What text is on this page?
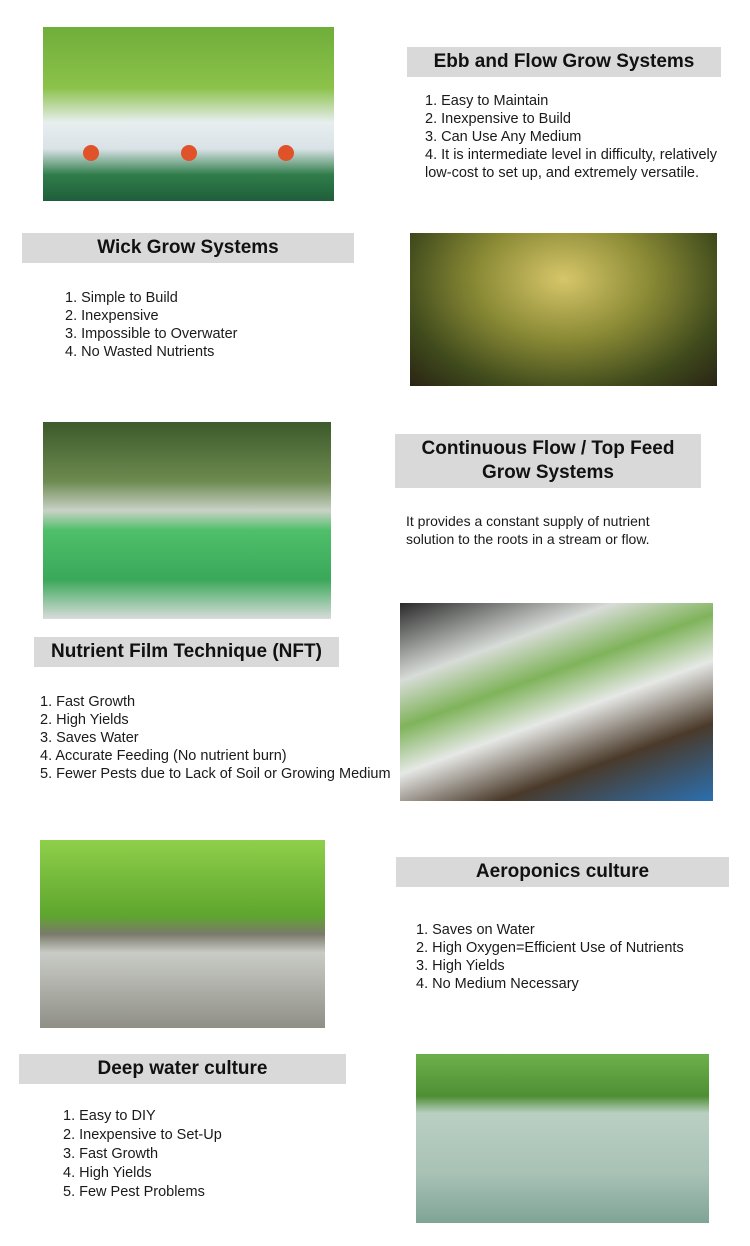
Ebb and Flow Grow Systems
1. Easy to Maintain
2. Inexpensive to Build
3. Can Use Any Medium
4. It is intermediate level in difficulty, relatively low-cost to set up, and extremely versatile.
Wick Grow Systems
1. Simple to Build
2. Inexpensive
3. Impossible to Overwater
4. No Wasted Nutrients
Continuous Flow / Top Feed
Grow Systems
It provides a constant supply of nutrient solution to the roots in a stream or flow.
Nutrient Film Technique (NFT)
1. Fast Growth
2. High Yields
3. Saves Water
4. Accurate Feeding (No nutrient burn)
5. Fewer Pests due to Lack of Soil or Growing Medium
Aeroponics culture
1. Saves on Water
2. High Oxygen=Efficient Use of Nutrients
3. High Yields
4. No Medium Necessary
Deep water culture
1. Easy to DIY
2. Inexpensive to Set-Up
3. Fast Growth
4. High Yields
5. Few Pest Problems
